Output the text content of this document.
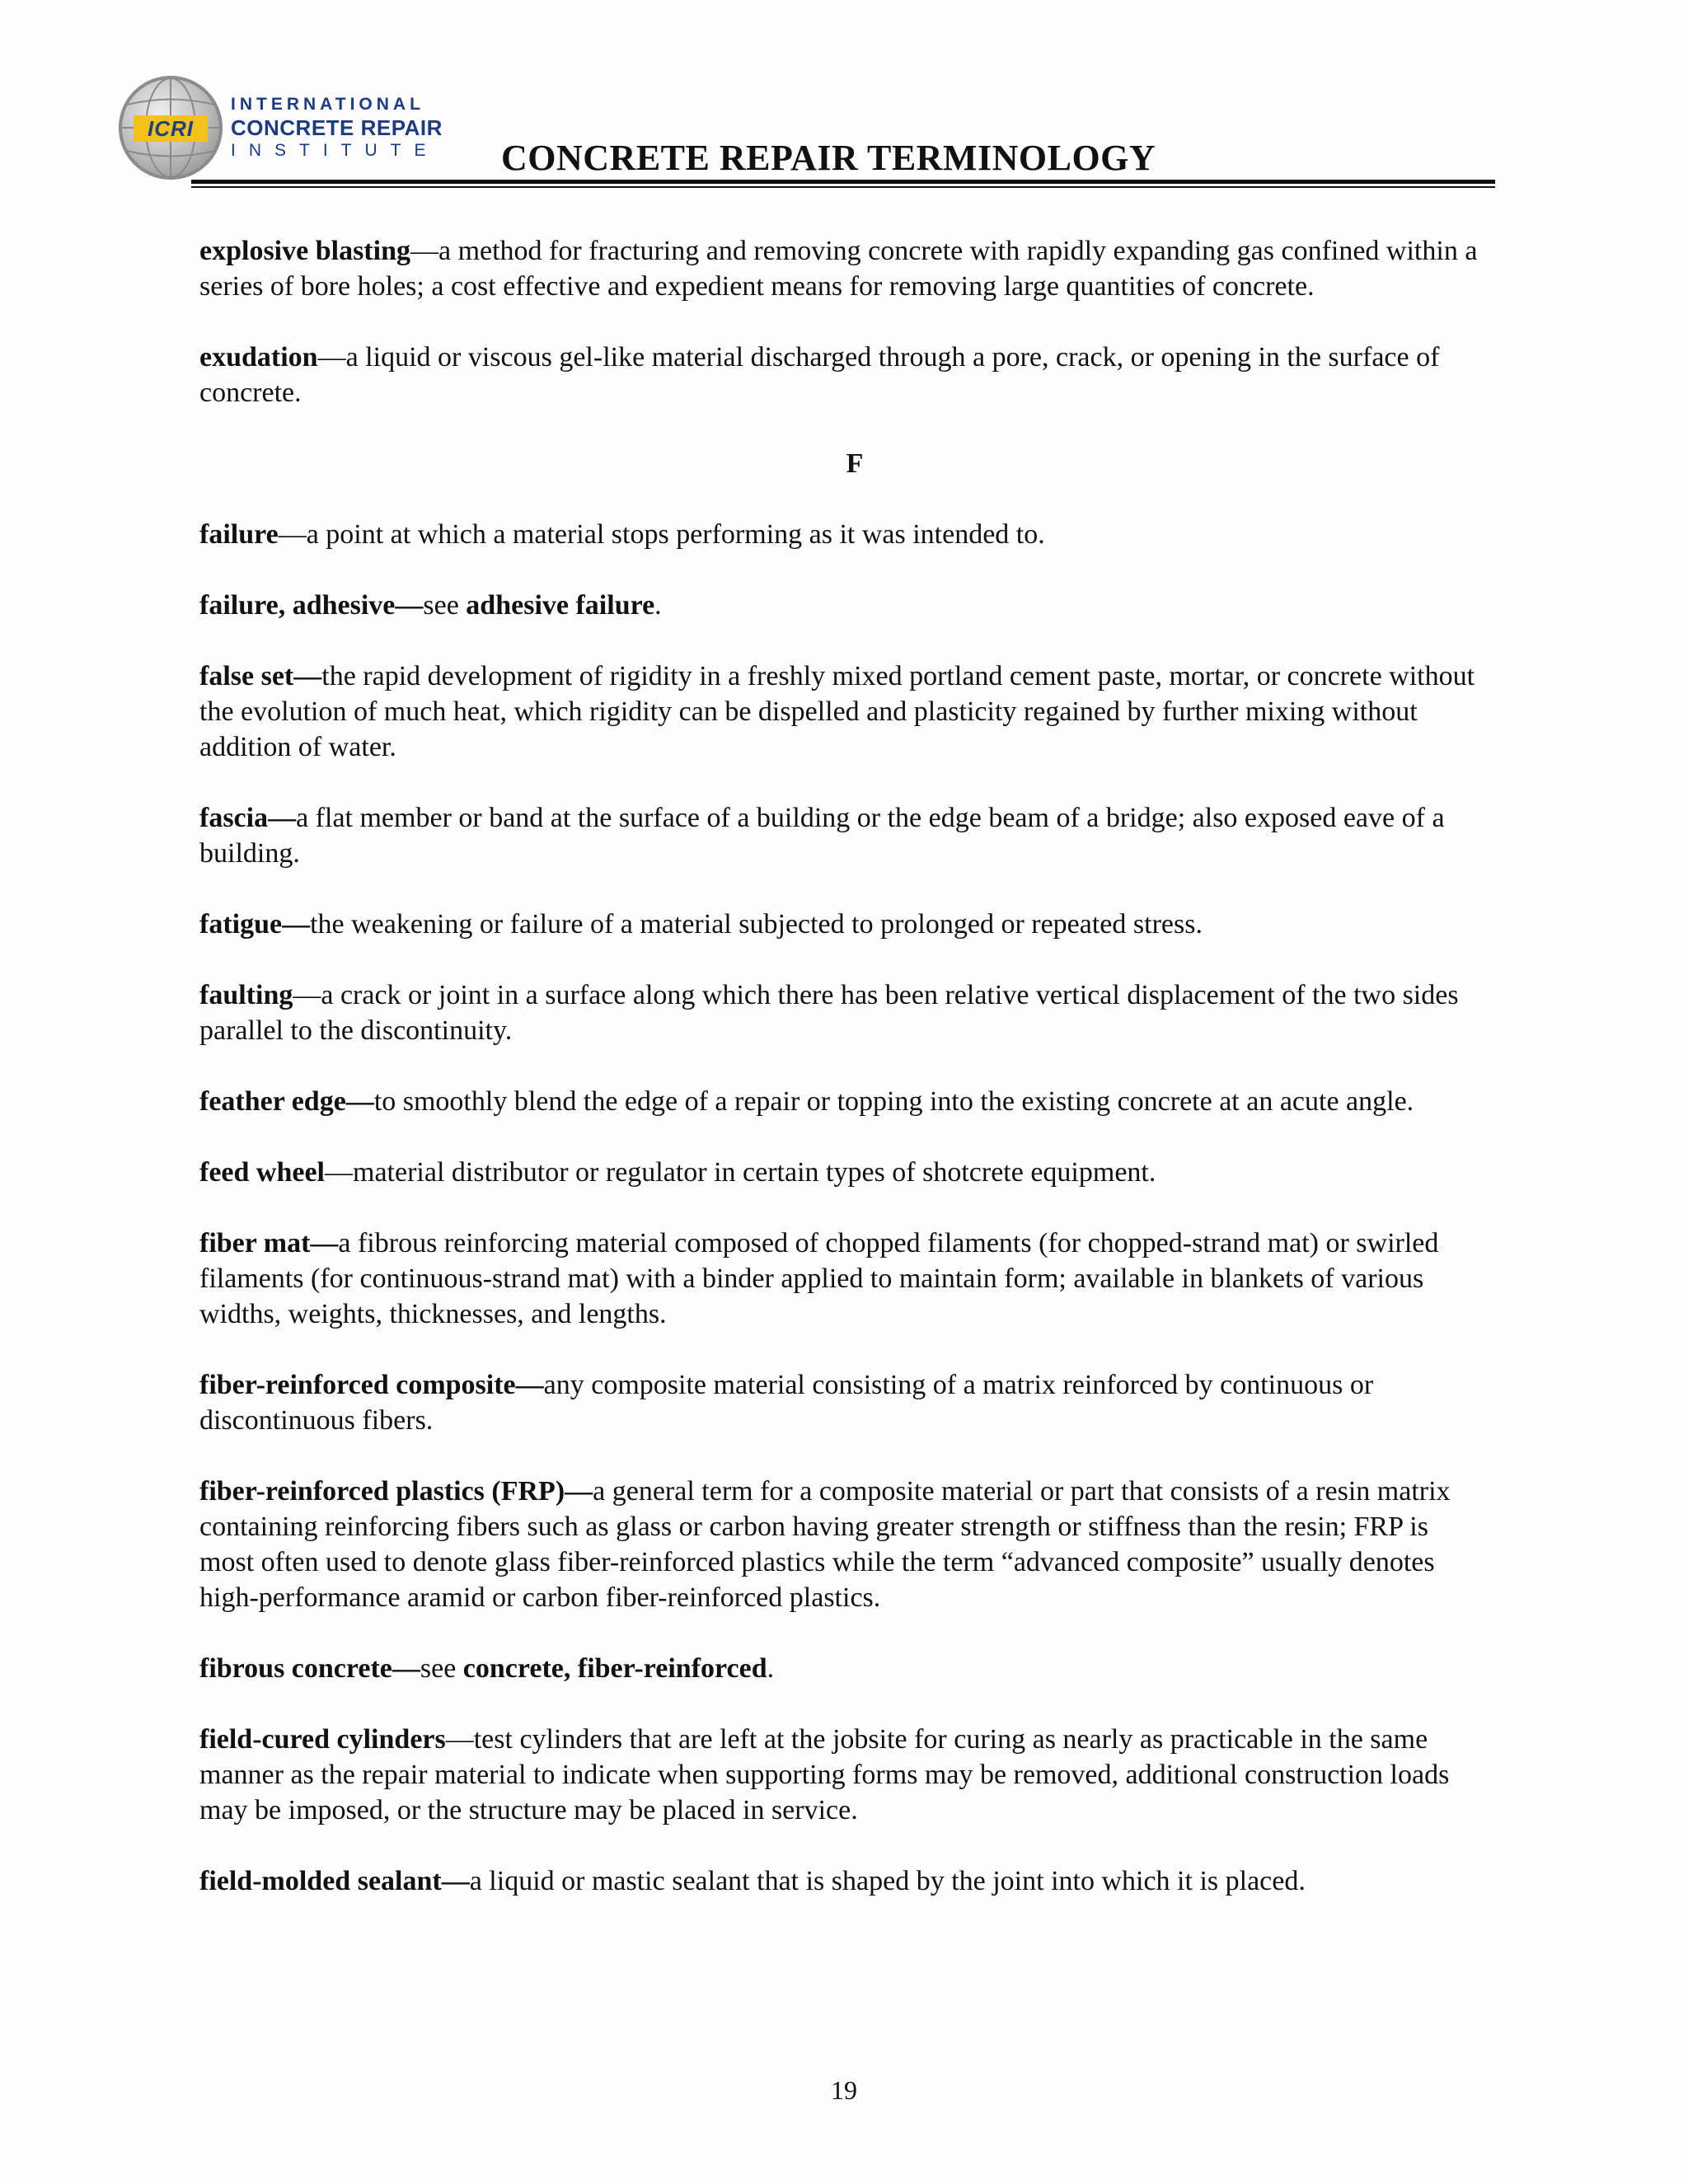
ICRI
INTERNATIONAL
CONCRETE REPAIR
INSTITUTE CONCRETE REPAIR TERMINOLOGY
explosive blasting—a method for fracturing and removing concrete with rapidly expanding gas confined within a series of bore holes; a cost effective and expedient means for removing large quantities of concrete.
exudation—a liquid or viscous gel-like material discharged through a pore, crack, or opening in the surface of concrete.
F
failure—a point at which a material stops performing as it was intended to.
failure, adhesive—see adhesive failure.
false set—the rapid development of rigidity in a freshly mixed portland cement paste, mortar, or concrete without the evolution of much heat, which rigidity can be dispelled and plasticity regained by further mixing without addition of water.
fascia—a flat member or band at the surface of a building or the edge beam of a bridge; also exposed eave of a building.
fatigue—the weakening or failure of a material subjected to prolonged or repeated stress.
faulting—a crack or joint in a surface along which there has been relative vertical displacement of the two sides parallel to the discontinuity.
feather edge—to smoothly blend the edge of a repair or topping into the existing concrete at an acute angle.
feed wheel—material distributor or regulator in certain types of shotcrete equipment.
fiber mat—a fibrous reinforcing material composed of chopped filaments (for chopped-strand mat) or swirled filaments (for continuous-strand mat) with a binder applied to maintain form; available in blankets of various widths, weights, thicknesses, and lengths.
fiber-reinforced composite—any composite material consisting of a matrix reinforced by continuous or discontinuous fibers.
fiber-reinforced plastics (FRP)—a general term for a composite material or part that consists of a resin matrix containing reinforcing fibers such as glass or carbon having greater strength or stiffness than the resin; FRP is most often used to denote glass fiber-reinforced plastics while the term “advanced composite” usually denotes high-performance aramid or carbon fiber-reinforced plastics.
fibrous concrete—see concrete, fiber-reinforced.
field-cured cylinders—test cylinders that are left at the jobsite for curing as nearly as practicable in the same manner as the repair material to indicate when supporting forms may be removed, additional construction loads may be imposed, or the structure may be placed in service.
field-molded sealant—a liquid or mastic sealant that is shaped by the joint into which it is placed.
19
